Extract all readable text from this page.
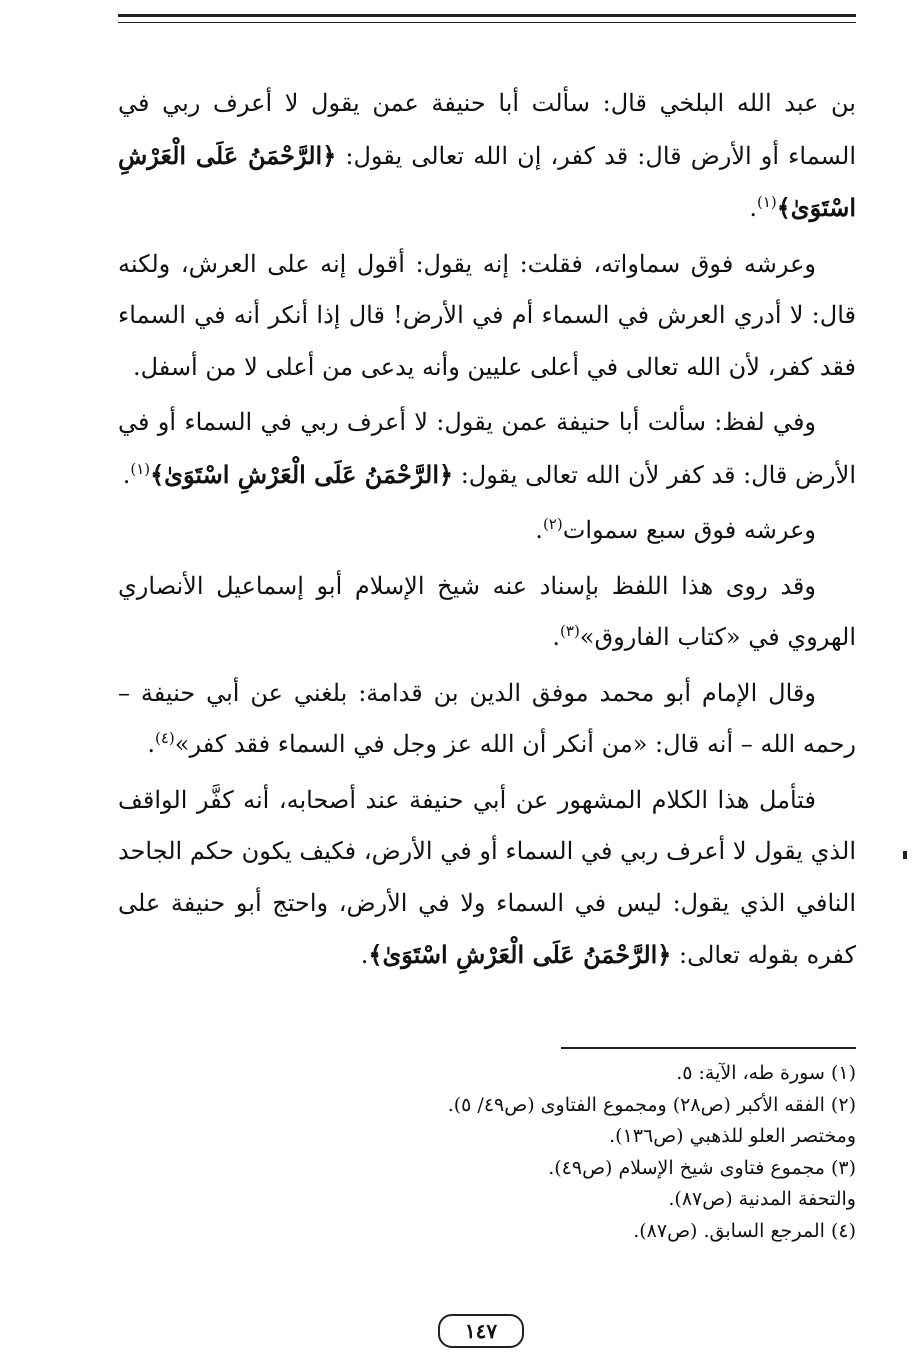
بن عبد الله البلخي قال: سألت أبا حنيفة عمن يقول لا أعرف ربي في السماء أو الأرض قال: قد كفر، إن الله تعالى يقول: ﴿الرَّحْمَنُ عَلَى الْعَرْشِ اسْتَوَىٰ﴾$^{(١)}$.

وعرشه فوق سماواته، فقلت: إنه يقول: أقول إنه على العرش، ولكنه قال: لا أدري العرش في السماء أم في الأرض! قال إذا أنكر أنه في السماء فقد كفر، لأن الله تعالى في أعلى عليين وأنه يدعى من أعلى لا من أسفل.

وفي لفظ: سألت أبا حنيفة عمن يقول: لا أعرف ربي في السماء أو في الأرض قال: قد كفر لأن الله تعالى يقول: ﴿الرَّحْمَنُ عَلَى الْعَرْشِ اسْتَوَىٰ﴾$^{(١)}$.

وعرشه فوق سبع سموات$^{(٢)}$.

وقد روى هذا اللفظ بإسناد عنه شيخ الإسلام أبو إسماعيل الأنصاري الهروي في «كتاب الفاروق»$^{(٣)}$.

وقال الإمام أبو محمد موفق الدين بن قدامة: بلغني عن أبي حنيفة – رحمه الله – أنه قال: «من أنكر أن الله عز وجل في السماء فقد كفر»$^{(٤)}$.

فتأمل هذا الكلام المشهور عن أبي حنيفة عند أصحابه، أنه كفَّر الواقف الذي يقول لا أعرف ربي في السماء أو في الأرض، فكيف يكون حكم الجاحد النافي الذي يقول: ليس في السماء ولا في الأرض، واحتج أبو حنيفة على كفره بقوله تعالى: ﴿الرَّحْمَنُ عَلَى الْعَرْشِ اسْتَوَىٰ﴾.

(١) سورة طه، الآية: ٥.
(٢) الفقه الأكبر (ص٢٨) ومجموع الفتاوى (ص٤٩/ ٥).
ومختصر العلو للذهبي (ص١٣٦).
(٣) مجموع فتاوى شيخ الإسلام (ص٤٩).
والتحفة المدنية (ص٨٧).
(٤) المرجع السابق. (ص٨٧).
١٤٧
